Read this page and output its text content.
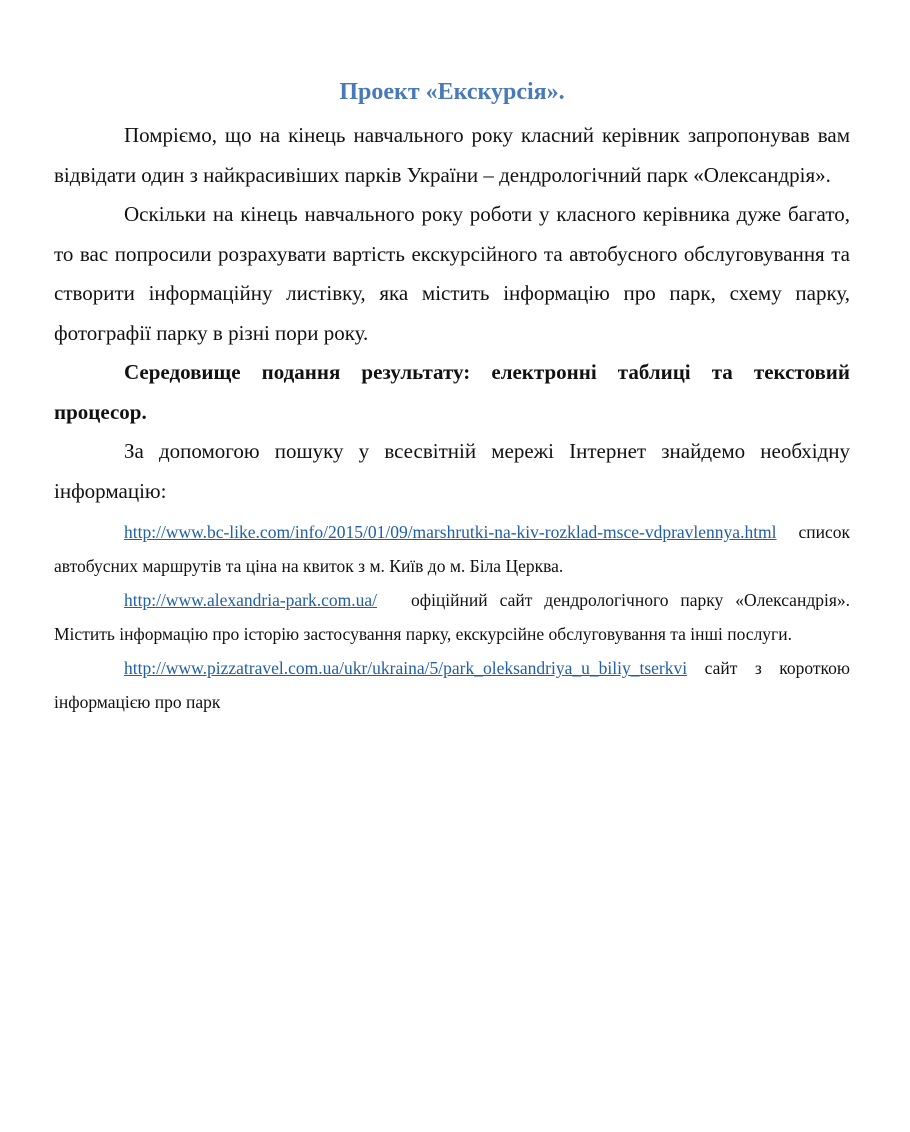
Проект «Екскурсія».

Помріємо, що на кінець навчального року класний керівник запропонував вам відвідати один з найкрасивіших парків України – дендрологічний парк «Олександрія».

Оскільки на кінець навчального року роботи у класного керівника дуже багато, то вас попросили розрахувати вартість екскурсійного та автобусного обслуговування та створити інформаційну листівку, яка містить інформацію про парк, схему парку, фотографії парку в різні пори року.

Середовище подання результату: електронні таблиці та текстовий процесор.

За допомогою пошуку у всесвітній мережі Інтернет знайдемо необхідну інформацію:

http://www.bc-like.com/info/2015/01/09/marshrutki-na-kiv-rozklad-msce-vdpravlennya.html список автобусних маршрутів та ціна на квиток з м. Київ до м. Біла Церква.

http://www.alexandria-park.com.ua/ офіційний сайт дендрологічного парку «Олександрія». Містить інформацію про історію застосування парку, екскурсійне обслуговування та інші послуги.

http://www.pizzatravel.com.ua/ukr/ukraina/5/park_oleksandriya_u_biliy_tserkvi сайт з короткою інформацією про парк
